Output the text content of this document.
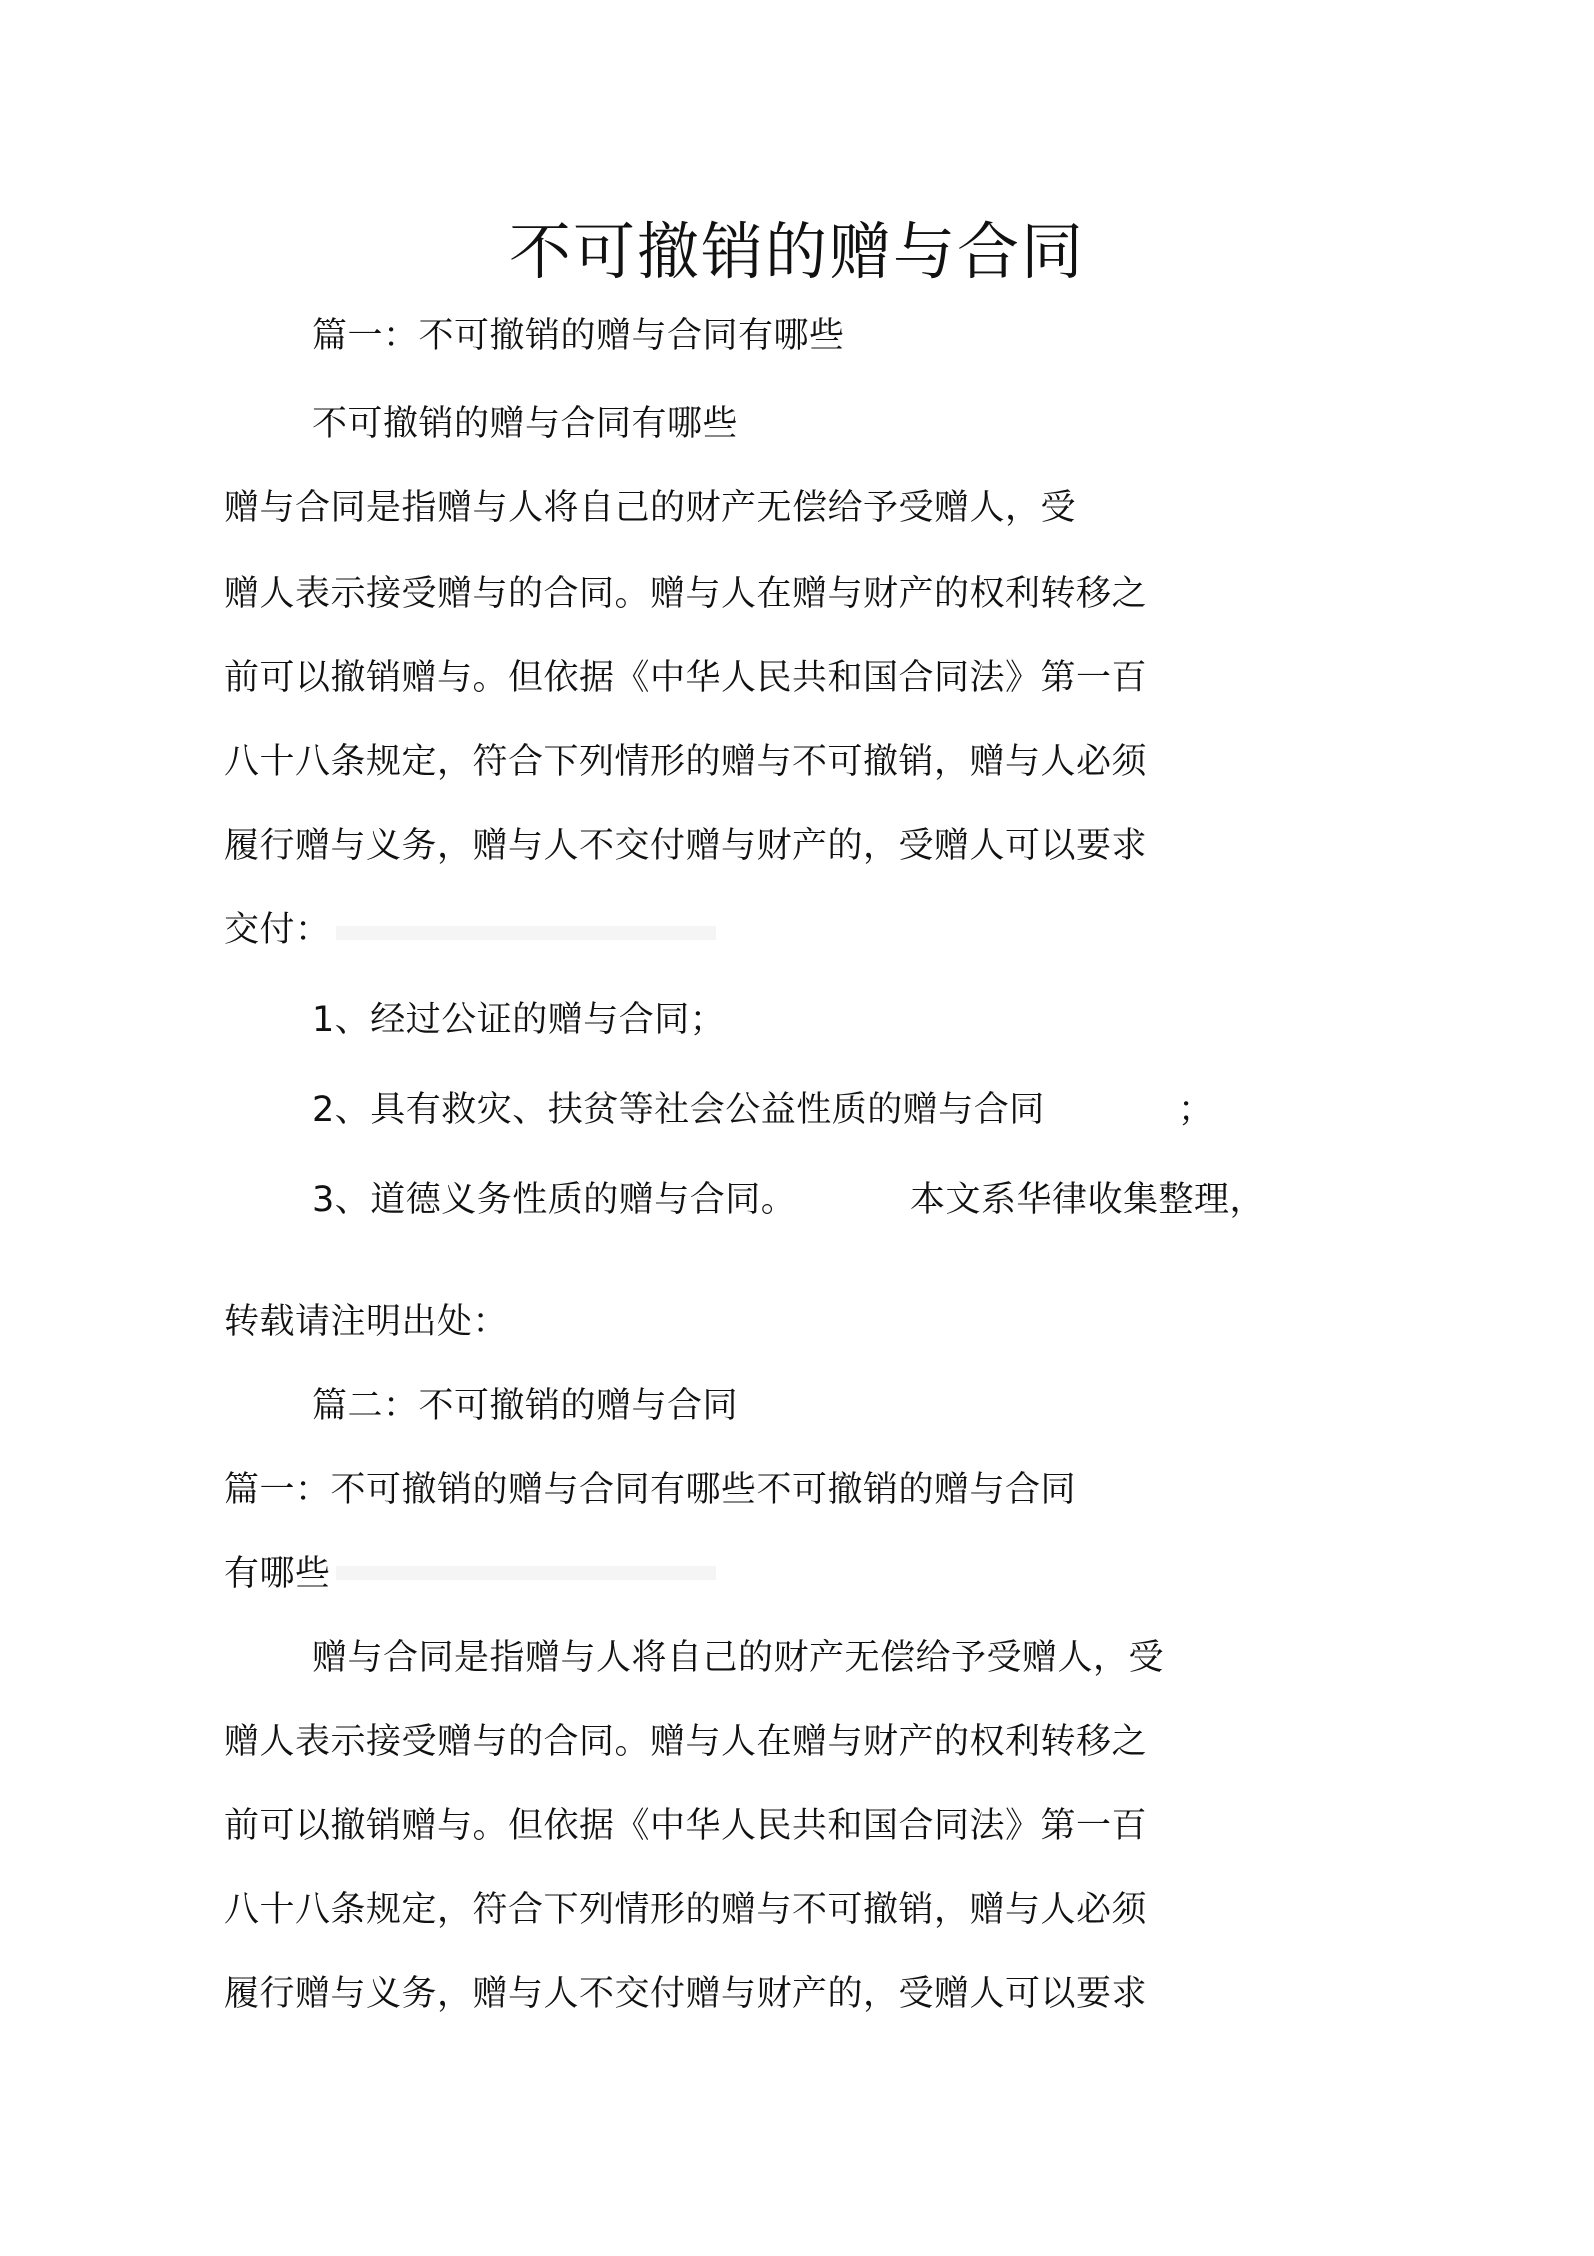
不可撤销的赠与合同
篇一：不可撤销的赠与合同有哪些
不可撤销的赠与合同有哪些
赠与合同是指赠与人将自己的财产无偿给予受赠人，受
赠人表示接受赠与的合同。赠与人在赠与财产的权利转移之
前可以撤销赠与。但依据《中华人民共和国合同法》第一百
八十八条规定，符合下列情形的赠与不可撤销，赠与人必须
履行赠与义务，赠与人不交付赠与财产的，受赠人可以要求
交付：
1、经过公证的赠与合同；
2、具有救灾、扶贫等社会公益性质的赠与合同	；
3、道德义务性质的赠与合同。	本文系华律收集整理，
转载请注明出处：
篇二：不可撤销的赠与合同
篇一：不可撤销的赠与合同有哪些不可撤销的赠与合同
有哪些
赠与合同是指赠与人将自己的财产无偿给予受赠人，受
赠人表示接受赠与的合同。赠与人在赠与财产的权利转移之
前可以撤销赠与。但依据《中华人民共和国合同法》第一百
八十八条规定，符合下列情形的赠与不可撤销，赠与人必须
履行赠与义务，赠与人不交付赠与财产的，受赠人可以要求
